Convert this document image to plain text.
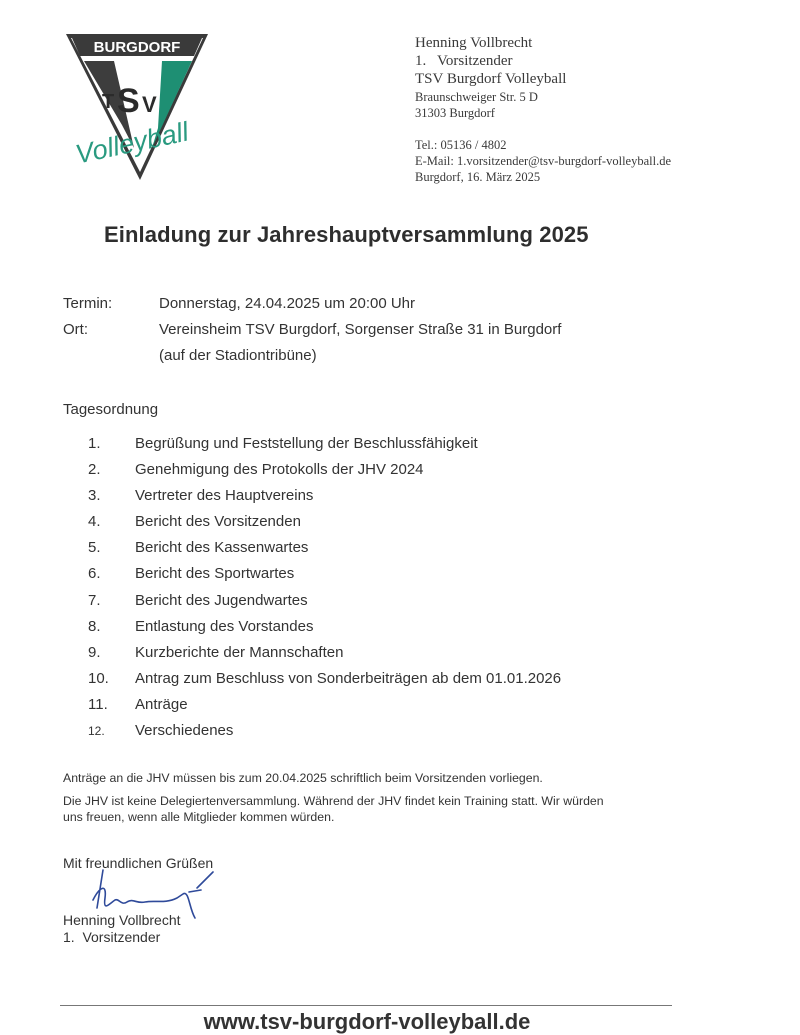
BURGDORF
T S V
Volleyball
Henning Vollbrecht
1. Vorsitzender
TSV Burgdorf Volleyball
Braunschweiger Str. 5 D
31303 Burgdorf
Tel.: 05136 / 4802
E-Mail: 1.vorsitzender@tsv-burgdorf-volleyball.de
Burgdorf, 16. März 2025
Einladung zur Jahreshauptversammlung 2025
Termin:	Donnerstag, 24.04.2025 um 20:00 Uhr
Ort:	Vereinsheim TSV Burgdorf, Sorgenser Straße 31 in Burgdorf
(auf der Stadiontribüne)
Tagesordnung
1. Begrüßung und Feststellung der Beschlussfähigkeit
2. Genehmigung des Protokolls der JHV 2024
3. Vertreter des Hauptvereins
4. Bericht des Vorsitzenden
5. Bericht des Kassenwartes
6. Bericht des Sportwartes
7. Bericht des Jugendwartes
8. Entlastung des Vorstandes
9. Kurzberichte der Mannschaften
10. Antrag zum Beschluss von Sonderbeiträgen ab dem 01.01.2026
11. Anträge
12. Verschiedenes
Anträge an die JHV müssen bis zum 20.04.2025 schriftlich beim Vorsitzenden vorliegen.
Die JHV ist keine Delegiertenversammlung. Während der JHV findet kein Training statt. Wir würden
uns freuen, wenn alle Mitglieder kommen würden.
Mit freundlichen Grüßen
Henning Vollbrecht
1.  Vorsitzender
www.tsv-burgdorf-volleyball.de
